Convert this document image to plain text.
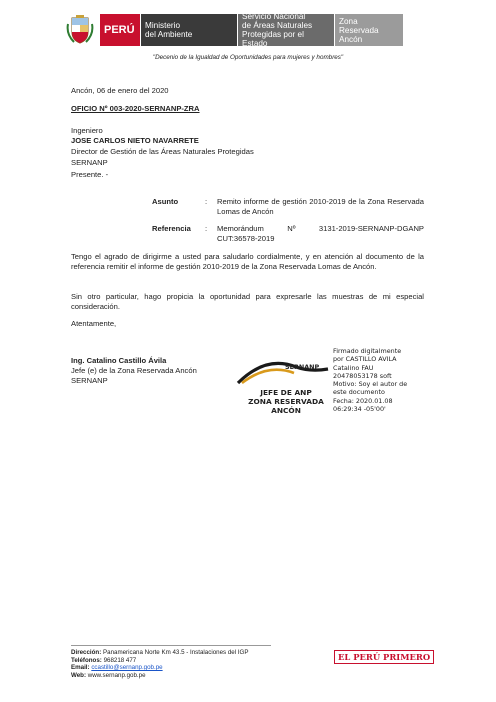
PERÚ Ministerio
del Ambiente
Servicio Nacional
de Áreas Naturales
Protegidas por el Estado
Zona Reservada
Ancón
"Decenio de la Igualdad de Oportunidades para mujeres y hombres"
Ancón, 06 de enero del 2020
OFICIO Nº 003-2020-SERNANP-ZRA
Ingeniero
JOSE CARLOS NIETO NAVARRETE
Director de Gestión de las Áreas Naturales Protegidas
SERNANP
Presente. -
Asunto	: Remito informe de gestión 2010-2019 de la Zona Reservada Lomas de Ancón
Referencia : Memorándum Nº 3131-2019-SERNANP-DGANP
CUT:36578-2019
Tengo el agrado de dirigirme a usted para saludarlo cordialmente, y en atención al documento de la referencia remitir el informe de gestión 2010-2019 de la Zona Reservada Lomas de Ancón.
Sin otro particular, hago propicia la oportunidad para expresarle las muestras de mi especial consideración.
Atentamente,
Ing. Catalino Castillo Ávila
Jefe (e) de la Zona Reservada Ancón
SERNANP
SERNANP
JEFE DE ANP
ZONA RESERVADA
ANCÓN
Firmado digitalmente
por CASTILLO AVILA
Catalino FAU
20478053178 soft
Motivo: Soy el autor de
este documento
Fecha: 2020.01.08
06:29:34 -05'00'
Dirección: Panamericana Norte Km 43.5 - Instalaciones del IGP
Teléfonos: 968218 477
Email: ccastillo@sernanp.gob.pe
Web: www.sernanp.gob.pe
EL PERÚ PRIMERO
